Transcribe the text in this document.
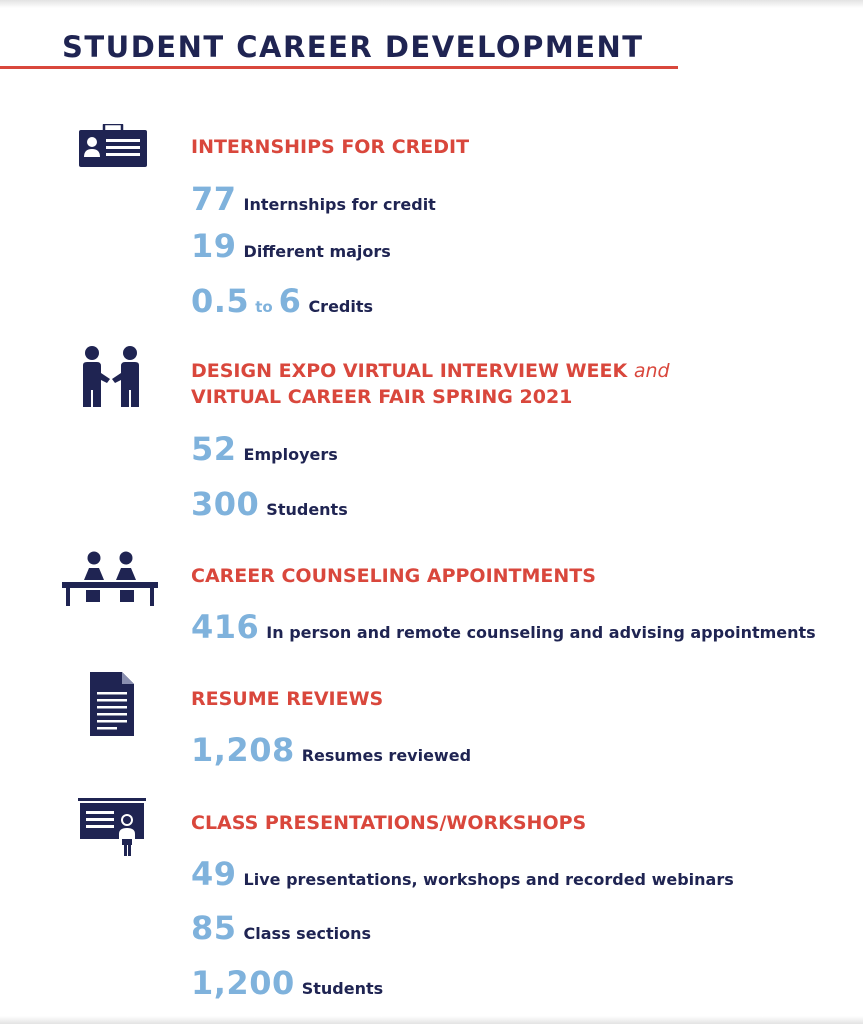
STUDENT CAREER DEVELOPMENT
INTERNSHIPS FOR CREDIT
77 Internships for credit
19 Different majors
0.5 to 6 Credits
DESIGN EXPO VIRTUAL INTERVIEW WEEK and
VIRTUAL CAREER FAIR SPRING 2021
52 Employers
300 Students
CAREER COUNSELING APPOINTMENTS
416 In person and remote counseling and advising appointments
RESUME REVIEWS
1,208 Resumes reviewed
CLASS PRESENTATIONS/WORKSHOPS
49 Live presentations, workshops and recorded webinars
85 Class sections
1,200 Students
